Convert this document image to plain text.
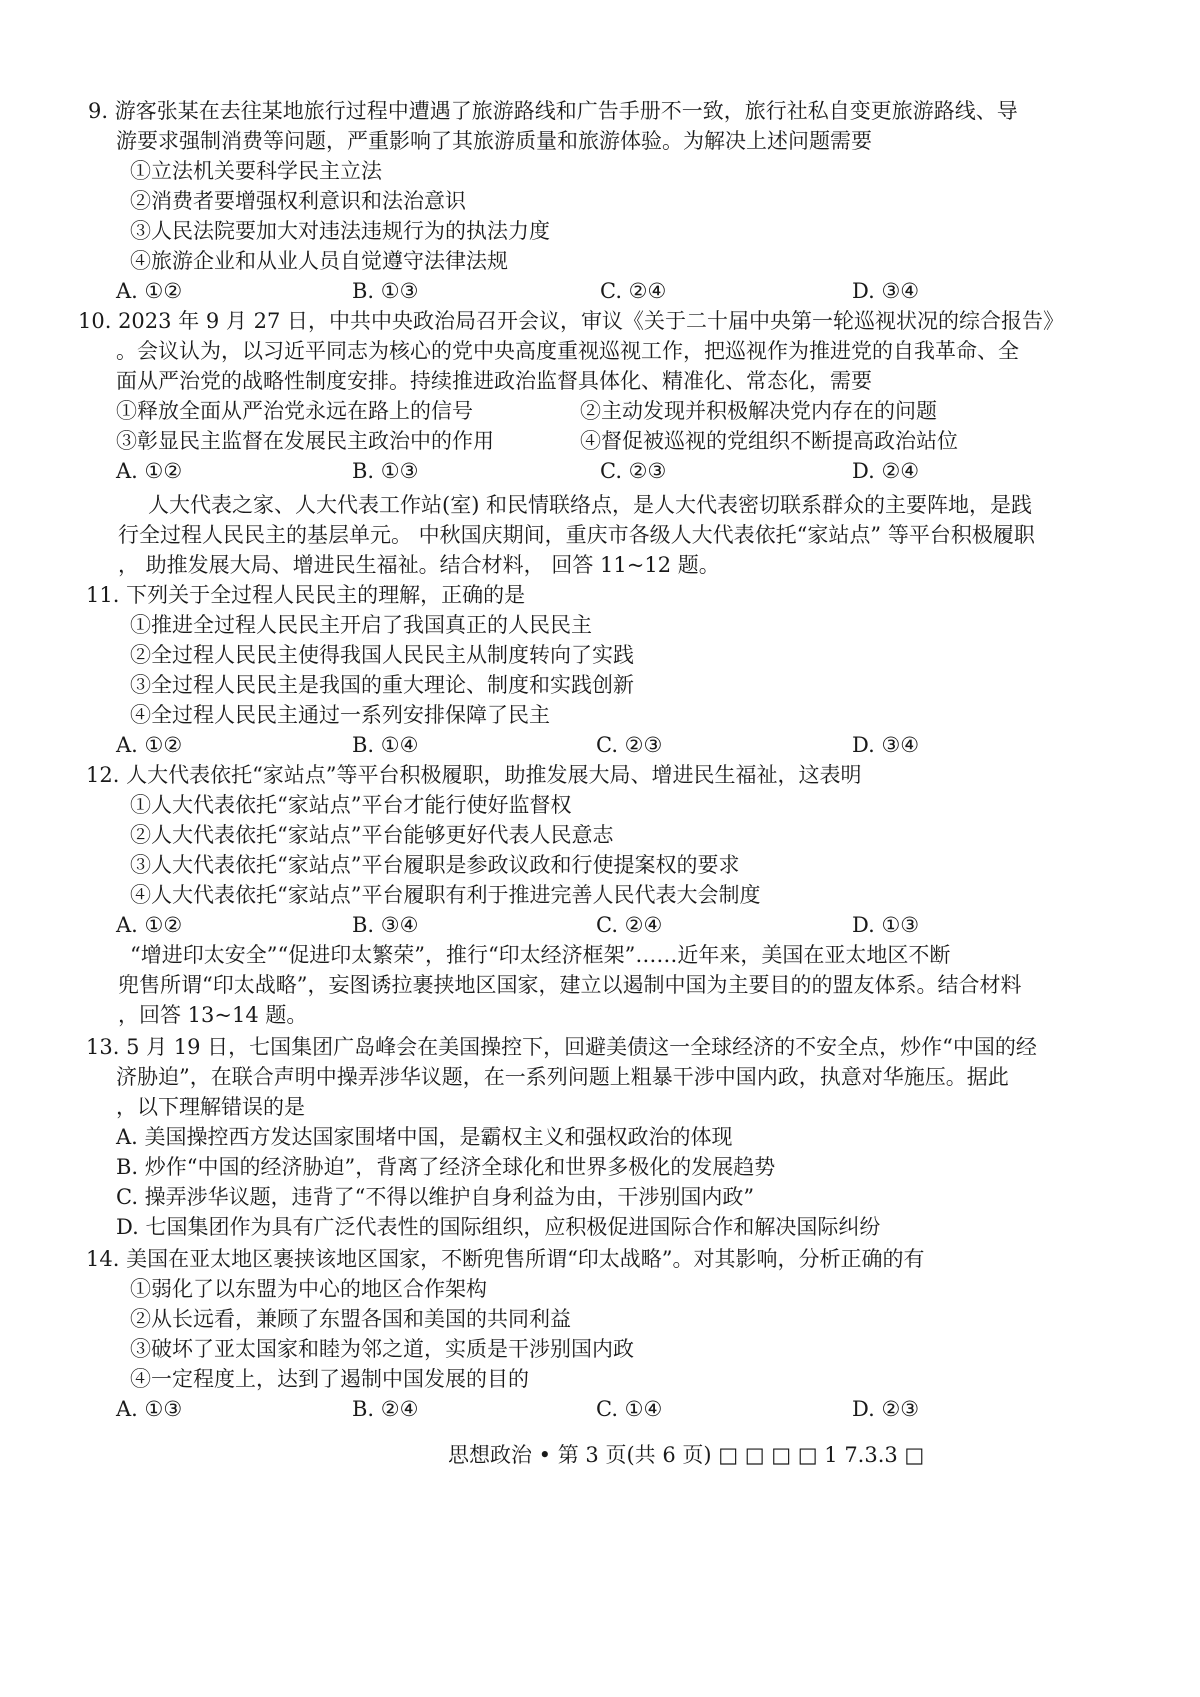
9. 游客张某在去往某地旅行过程中遭遇了旅游路线和广告手册不一致，旅行社私自变更旅游路线、导
游要求强制消费等问题，严重影响了其旅游质量和旅游体验。为解决上述问题需要
①立法机关要科学民主立法
②消费者要增强权利意识和法治意识
③人民法院要加大对违法违规行为的执法力度
④旅游企业和从业人员自觉遵守法律法规
A. ①②	B. ①③	C. ②④	D. ③④
10. 2023 年 9 月 27 日，中共中央政治局召开会议，审议《关于二十届中央第一轮巡视状况的综合报告》
。会议认为，以习近平同志为核心的党中央高度重视巡视工作，把巡视作为推进党的自我革命、全
面从严治党的战略性制度安排。持续推进政治监督具体化、精准化、常态化，需要
①释放全面从严治党永远在路上的信号	②主动发现并积极解决党内存在的问题
③彰显民主监督在发展民主政治中的作用	④督促被巡视的党组织不断提高政治站位
A. ①②	B. ①③	C. ②③	D. ②④
人大代表之家、人大代表工作站(室) 和民情联络点，是人大代表密切联系群众的主要阵地，是践
行全过程人民民主的基层单元。 中秋国庆期间，重庆市各级人大代表依托“家站点” 等平台积极履职
， 助推发展大局、增进民生福祉。结合材料， 回答 11~12 题。
11. 下列关于全过程人民民主的理解，正确的是
①推进全过程人民民主开启了我国真正的人民民主
②全过程人民民主使得我国人民民主从制度转向了实践
③全过程人民民主是我国的重大理论、制度和实践创新
④全过程人民民主通过一系列安排保障了民主
A. ①②	B. ①④	C. ②③	D. ③④
12. 人大代表依托“家站点”等平台积极履职，助推发展大局、增进民生福祉，这表明
①人大代表依托“家站点”平台才能行使好监督权
②人大代表依托“家站点”平台能够更好代表人民意志
③人大代表依托“家站点”平台履职是参政议政和行使提案权的要求
④人大代表依托“家站点”平台履职有利于推进完善人民代表大会制度
A. ①②	B. ③④	C. ②④	D. ①③
“增进印太安全”“促进印太繁荣”，推行“印太经济框架”……近年来，美国在亚太地区不断
兜售所谓“印太战略”，妄图诱拉裹挟地区国家，建立以遏制中国为主要目的的盟友体系。结合材料
，回答 13~14 题。
13. 5 月 19 日，七国集团广岛峰会在美国操控下，回避美债这一全球经济的不安全点，炒作“中国的经
济胁迫”，在联合声明中操弄涉华议题，在一系列问题上粗暴干涉中国内政，执意对华施压。据此
，以下理解错误的是
A. 美国操控西方发达国家围堵中国，是霸权主义和强权政治的体现
B. 炒作“中国的经济胁迫”，背离了经济全球化和世界多极化的发展趋势
C. 操弄涉华议题，违背了“不得以维护自身利益为由，干涉别国内政”
D. 七国集团作为具有广泛代表性的国际组织，应积极促进国际合作和解决国际纠纷
14. 美国在亚太地区裹挟该地区国家，不断兜售所谓“印太战略”。对其影响，分析正确的有
①弱化了以东盟为中心的地区合作架构
②从长远看，兼顾了东盟各国和美国的共同利益
③破坏了亚太国家和睦为邻之道，实质是干涉别国内政
④一定程度上，达到了遏制中国发展的目的
A. ①③	B. ②④	C. ①④	D. ②③
思想政治 • 第 3 页(共 6 页) □ □ □ □ 1 7.3.3 □
